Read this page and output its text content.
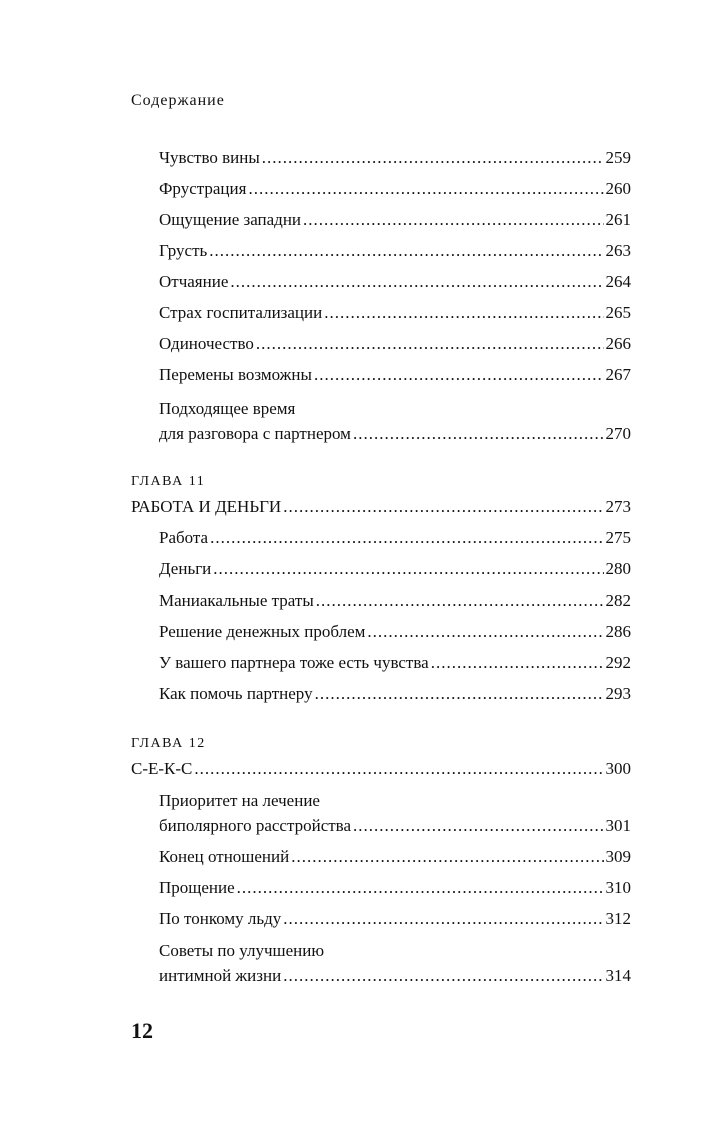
Содержание
Чувство вины .....	259
Фрустрация .....	260
Ощущение западни .....	261
Грусть .....	263
Отчаяние .....	264
Страх госпитализации .....	265
Одиночество .....	266
Перемены возможны .....	267
Подходящее время
для разговора с партнером .....	270
ГЛАВА 11
РАБОТА И ДЕНЬГИ .....	273
Работа .....	275
Деньги .....	280
Маниакальные траты .....	282
Решение денежных проблем .....	286
У вашего партнера тоже есть чувства .....	292
Как помочь партнеру .....	293
ГЛАВА 12
С-Е-К-С .....	300
Приоритет на лечение
биполярного расстройства .....	301
Конец отношений .....	309
Прощение .....	310
По тонкому льду .....	312
Советы по улучшению
интимной жизни .....	314
12
